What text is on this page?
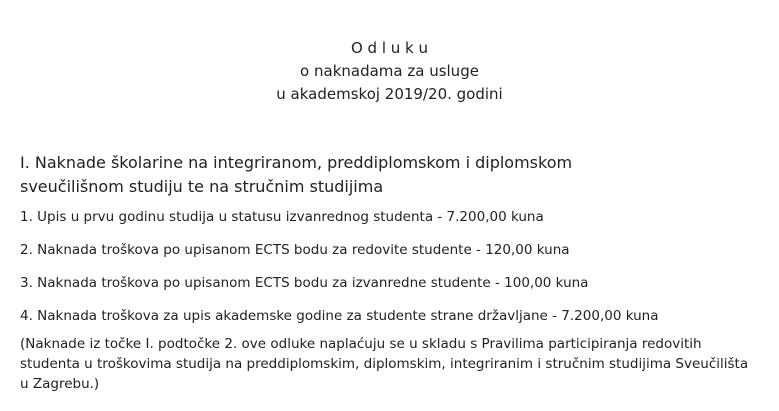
O d l u k u
o naknadama za usluge
u akademskoj 2019/20. godini
I. Naknade školarine na integriranom, preddiplomskom i diplomskom
sveučilišnom studiju te na stručnim studijima
1. Upis u prvu godinu studija u statusu izvanrednog studenta - 7.200,00 kuna
2. Naknada troškova po upisanom ECTS bodu za redovite studente - 120,00 kuna
3. Naknada troškova po upisanom ECTS bodu za izvanredne studente - 100,00 kuna
4. Naknada troškova za upis akademske godine za studente strane državljane - 7.200,00 kuna

(Naknade iz točke I. podtočke 2. ove odluke naplaćuju se u skladu s Pravilima participiranja redovitih studenta u troškovima studija na preddiplomskim, diplomskim, integriranim i stručnim studijima Sveučilišta u Zagrebu.)
